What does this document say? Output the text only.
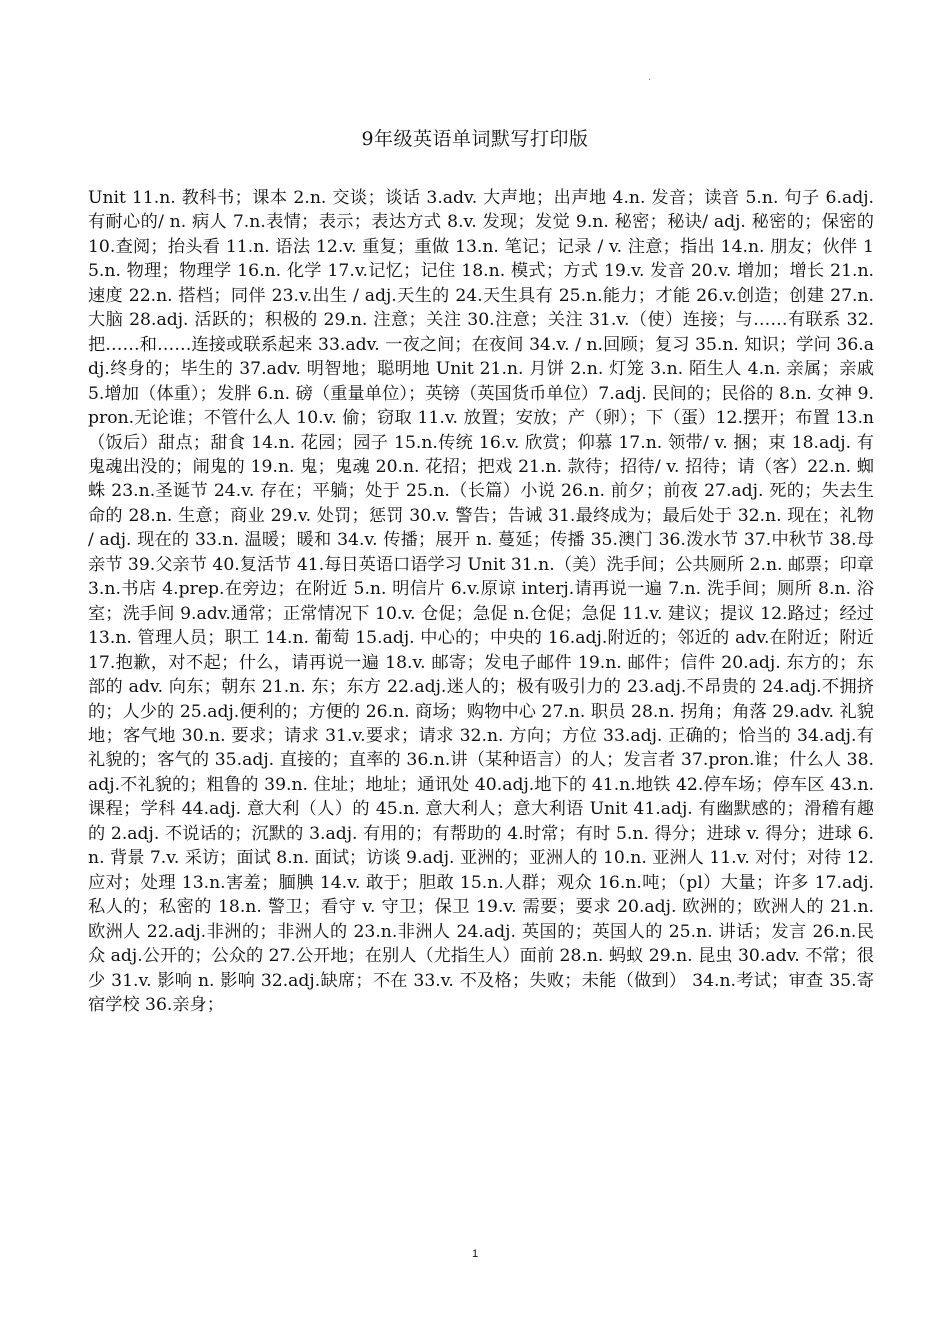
.
9年级英语单词默写打印版

Unit 11.n. 教科书；课本 2.n. 交谈；谈话 3.adv. 大声地；出声地 4.n. 发音；读音 5.n. 句子 6.adj. 有耐心的/ n. 病人 7.n.表情；表示；表达方式 8.v. 发现；发觉 9.n. 秘密；秘诀/ adj. 秘密的；保密的 10.查阅；抬头看 11.n. 语法 12.v. 重复；重做 13.n. 笔记；记录 / v. 注意；指出 14.n. 朋友；伙伴 15.n. 物理；物理学 16.n. 化学 17.v.记忆；记住 18.n. 模式；方式 19.v. 发音 20.v. 增加；增长 21.n. 速度 22.n. 搭档；同伴 23.v.出生 / adj.天生的 24.天生具有 25.n.能力；才能 26.v.创造；创建 27.n. 大脑 28.adj. 活跃的；积极的 29.n. 注意；关注 30.注意；关注 31.v.（使）连接；与……有联系 32.把……和……连接或联系起来 33.adv. 一夜之间；在夜间 34.v. / n.回顾；复习 35.n. 知识；学问 36.adj.终身的；毕生的 37.adv. 明智地；聪明地 Unit 21.n. 月饼 2.n. 灯笼 3.n. 陌生人 4.n. 亲属；亲戚 5.增加（体重）；发胖 6.n. 磅（重量单位）；英镑（英国货币单位）7.adj. 民间的；民俗的 8.n. 女神 9.pron.无论谁；不管什么人 10.v. 偷；窃取 11.v. 放置；安放；产（卵）；下（蛋）12.摆开；布置 13.n（饭后）甜点；甜食 14.n. 花园；园子 15.n.传统 16.v. 欣赏；仰慕 17.n. 领带/ v. 捆；束 18.adj. 有鬼魂出没的；闹鬼的 19.n. 鬼；鬼魂 20.n. 花招；把戏 21.n. 款待；招待/ v. 招待；请（客）22.n. 蜘蛛 23.n.圣诞节 24.v. 存在；平躺；处于 25.n.（长篇）小说 26.n. 前夕；前夜 27.adj. 死的；失去生命的 28.n. 生意；商业 29.v. 处罚；惩罚 30.v. 警告；告诫 31.最终成为；最后处于 32.n. 现在；礼物 / adj. 现在的 33.n. 温暖；暖和 34.v. 传播；展开 n. 蔓延；传播 35.澳门 36.泼水节 37.中秋节 38.母亲节 39.父亲节 40.复活节 41.每日英语口语学习 Unit 31.n.（美）洗手间；公共厕所 2.n. 邮票；印章 3.n.书店 4.prep.在旁边；在附近 5.n. 明信片 6.v.原谅 interj.请再说一遍 7.n. 洗手间；厕所 8.n. 浴室；洗手间 9.adv.通常；正常情况下 10.v. 仓促；急促 n.仓促；急促 11.v. 建议；提议 12.路过；经过 13.n. 管理人员；职工 14.n. 葡萄 15.adj. 中心的；中央的 16.adj.附近的；邻近的 adv.在附近；附近 17.抱歉，对不起；什么，请再说一遍 18.v. 邮寄；发电子邮件 19.n. 邮件；信件 20.adj. 东方的；东部的 adv. 向东；朝东 21.n. 东；东方 22.adj.迷人的；极有吸引力的 23.adj.不昂贵的 24.adj.不拥挤的；人少的 25.adj.便利的；方便的 26.n. 商场；购物中心 27.n. 职员 28.n. 拐角；角落 29.adv. 礼貌地；客气地 30.n. 要求；请求 31.v.要求；请求 32.n. 方向；方位 33.adj. 正确的；恰当的 34.adj.有礼貌的；客气的 35.adj. 直接的；直率的 36.n.讲（某种语言）的人；发言者 37.pron.谁；什么人 38.adj.不礼貌的；粗鲁的 39.n. 住址；地址；通讯处 40.adj.地下的 41.n.地铁 42.停车场；停车区 43.n. 课程；学科 44.adj. 意大利（人）的 45.n. 意大利人；意大利语 Unit 41.adj. 有幽默感的；滑稽有趣的 2.adj. 不说话的；沉默的 3.adj. 有用的；有帮助的 4.时常；有时 5.n. 得分；进球 v. 得分；进球 6.n. 背景 7.v. 采访；面试 8.n. 面试；访谈 9.adj. 亚洲的；亚洲人的 10.n. 亚洲人 11.v. 对付；对待 12.应对；处理 13.n.害羞；腼腆 14.v. 敢于；胆敢 15.n.人群；观众 16.n.吨；（pl）大量；许多 17.adj. 私人的；私密的 18.n. 警卫；看守 v. 守卫；保卫 19.v. 需要；要求 20.adj. 欧洲的；欧洲人的 21.n. 欧洲人 22.adj.非洲的；非洲人的 23.n.非洲人 24.adj. 英国的；英国人的 25.n. 讲话；发言 26.n.民众 adj.公开的；公众的 27.公开地；在别人（尤指生人）面前 28.n. 蚂蚁 29.n. 昆虫 30.adv. 不常；很少 31.v. 影响 n. 影响 32.adj.缺席；不在 33.v. 不及格；失败；未能（做到） 34.n.考试；审查 35.寄宿学校 36.亲身；

1
